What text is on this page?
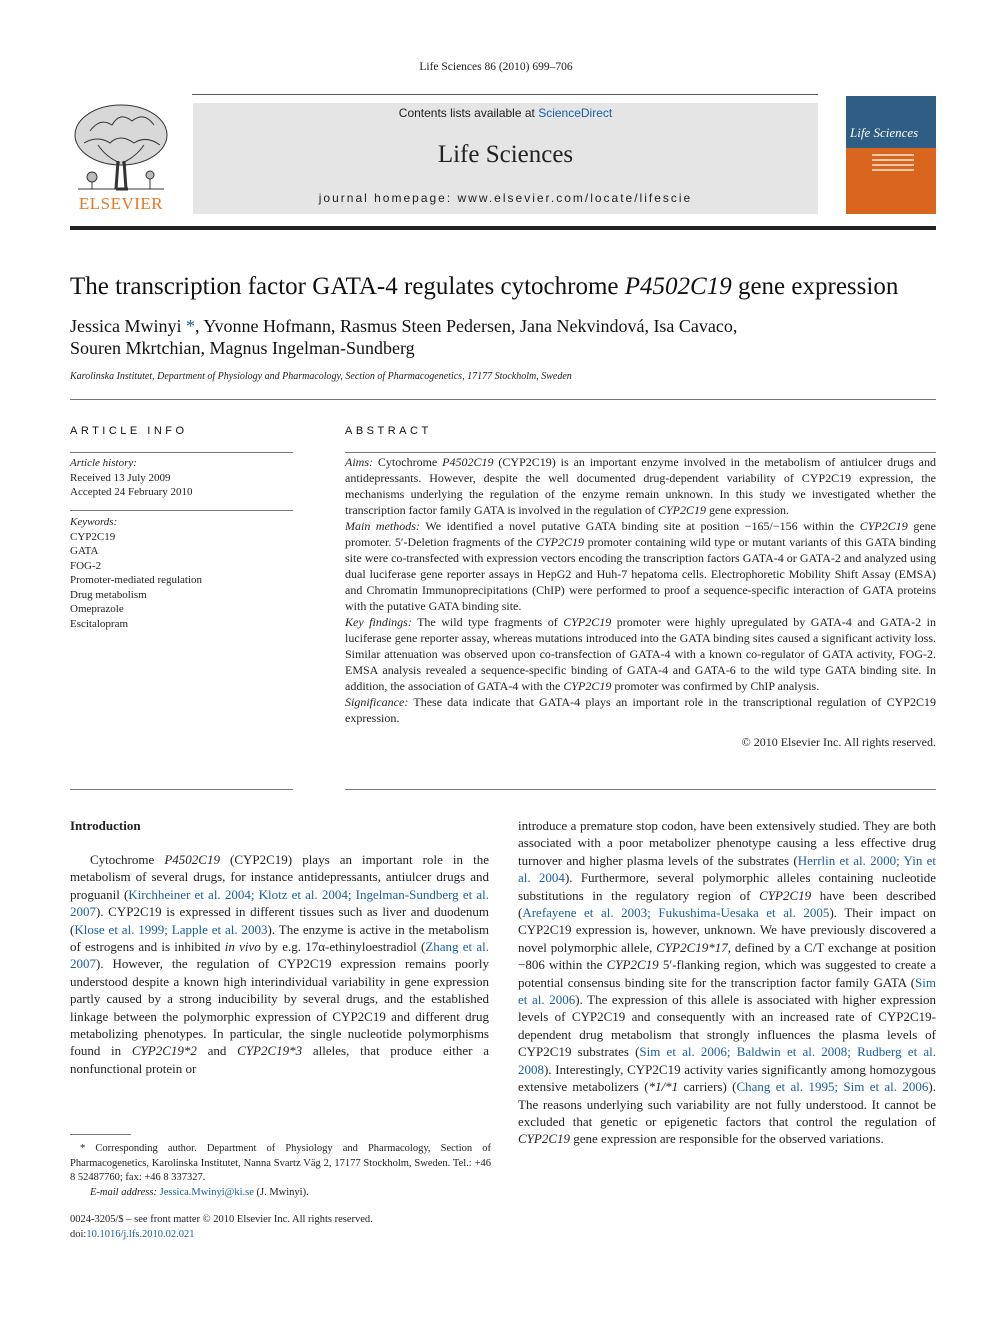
Life Sciences 86 (2010) 699–706
ELSEVIER
Contents lists available at ScienceDirect
Life Sciences
journal homepage: www.elsevier.com/locate/lifescie
Life Sciences
The transcription factor GATA-4 regulates cytochrome P4502C19 gene expression
Jessica Mwinyi *, Yvonne Hofmann, Rasmus Steen Pedersen, Jana Nekvindová, Isa Cavaco,
Souren Mkrtchian, Magnus Ingelman-Sundberg
Karolinska Institutet, Department of Physiology and Pharmacology, Section of Pharmacogenetics, 17177 Stockholm, Sweden
ARTICLE INFO
Article history:
Received 13 July 2009
Accepted 24 February 2010
Keywords:
CYP2C19
GATA
FOG-2
Promoter-mediated regulation
Drug metabolism
Omeprazole
Escitalopram
ABSTRACT

Aims: Cytochrome P4502C19 (CYP2C19) is an important enzyme involved in the metabolism of antiulcer drugs and antidepressants. However, despite the well documented drug-dependent variability of CYP2C19 expression, the mechanisms underlying the regulation of the enzyme remain unknown. In this study we investigated whether the transcription factor family GATA is involved in the regulation of CYP2C19 gene expression.

Main methods: We identified a novel putative GATA binding site at position −165/−156 within the CYP2C19 gene promoter. 5′-Deletion fragments of the CYP2C19 promoter containing wild type or mutant variants of this GATA binding site were co-transfected with expression vectors encoding the transcription factors GATA-4 or GATA-2 and analyzed using dual luciferase gene reporter assays in HepG2 and Huh-7 hepatoma cells. Electrophoretic Mobility Shift Assay (EMSA) and Chromatin Immunoprecipitations (ChIP) were performed to proof a sequence-specific interaction of GATA proteins with the putative GATA binding site.

Key findings: The wild type fragments of CYP2C19 promoter were highly upregulated by GATA-4 and GATA-2 in luciferase gene reporter assay, whereas mutations introduced into the GATA binding sites caused a significant activity loss. Similar attenuation was observed upon co-transfection of GATA-4 with a known co-regulator of GATA activity, FOG-2. EMSA analysis revealed a sequence-specific binding of GATA-4 and GATA-6 to the wild type GATA binding site. In addition, the association of GATA-4 with the CYP2C19 promoter was confirmed by ChIP analysis.

Significance: These data indicate that GATA-4 plays an important role in the transcriptional regulation of CYP2C19 expression.

© 2010 Elsevier Inc. All rights reserved.

Introduction

Cytochrome P4502C19 (CYP2C19) plays an important role in the metabolism of several drugs, for instance antidepressants, antiulcer drugs and proguanil (Kirchheiner et al. 2004; Klotz et al. 2004; Ingelman-Sundberg et al. 2007). CYP2C19 is expressed in different tissues such as liver and duodenum (Klose et al. 1999; Lapple et al. 2003). The enzyme is active in the metabolism of estrogens and is inhibited in vivo by e.g. 17α-ethinyloestradiol (Zhang et al. 2007). However, the regulation of CYP2C19 expression remains poorly understood despite a known high interindividual variability in gene expression partly caused by a strong inducibility by several drugs, and the established linkage between the polymorphic expression of CYP2C19 and different drug metabolizing phenotypes. In particular, the single nucleotide polymorphisms found in CYP2C19*2 and CYP2C19*3 alleles, that produce either a nonfunctional protein or

* Corresponding author. Department of Physiology and Pharmacology, Section of Pharmacogenetics, Karolinska Institutet, Nanna Svartz Väg 2, 17177 Stockholm, Sweden. Tel.: +46 8 52487760; fax: +46 8 337327.
E-mail address: Jessica.Mwinyi@ki.se (J. Mwinyi).
0024-3205/$ – see front matter © 2010 Elsevier Inc. All rights reserved.
doi:10.1016/j.lfs.2010.02.021

introduce a premature stop codon, have been extensively studied. They are both associated with a poor metabolizer phenotype causing a less effective drug turnover and higher plasma levels of the substrates (Herrlin et al. 2000; Yin et al. 2004). Furthermore, several polymorphic alleles containing nucleotide substitutions in the regulatory region of CYP2C19 have been described (Arefayene et al. 2003; Fukushima-Uesaka et al. 2005). Their impact on CYP2C19 expression is, however, unknown. We have previously discovered a novel polymorphic allele, CYP2C19*17, defined by a C/T exchange at position −806 within the CYP2C19 5′-flanking region, which was suggested to create a potential consensus binding site for the transcription factor family GATA (Sim et al. 2006). The expression of this allele is associated with higher expression levels of CYP2C19 and consequently with an increased rate of CYP2C19-dependent drug metabolism that strongly influences the plasma levels of CYP2C19 substrates (Sim et al. 2006; Baldwin et al. 2008; Rudberg et al. 2008). Interestingly, CYP2C19 activity varies significantly among homozygous extensive metabolizers (*1/*1 carriers) (Chang et al. 1995; Sim et al. 2006). The reasons underlying such variability are not fully understood. It cannot be excluded that genetic or epigenetic factors that control the regulation of CYP2C19 gene expression are responsible for the observed variations.
